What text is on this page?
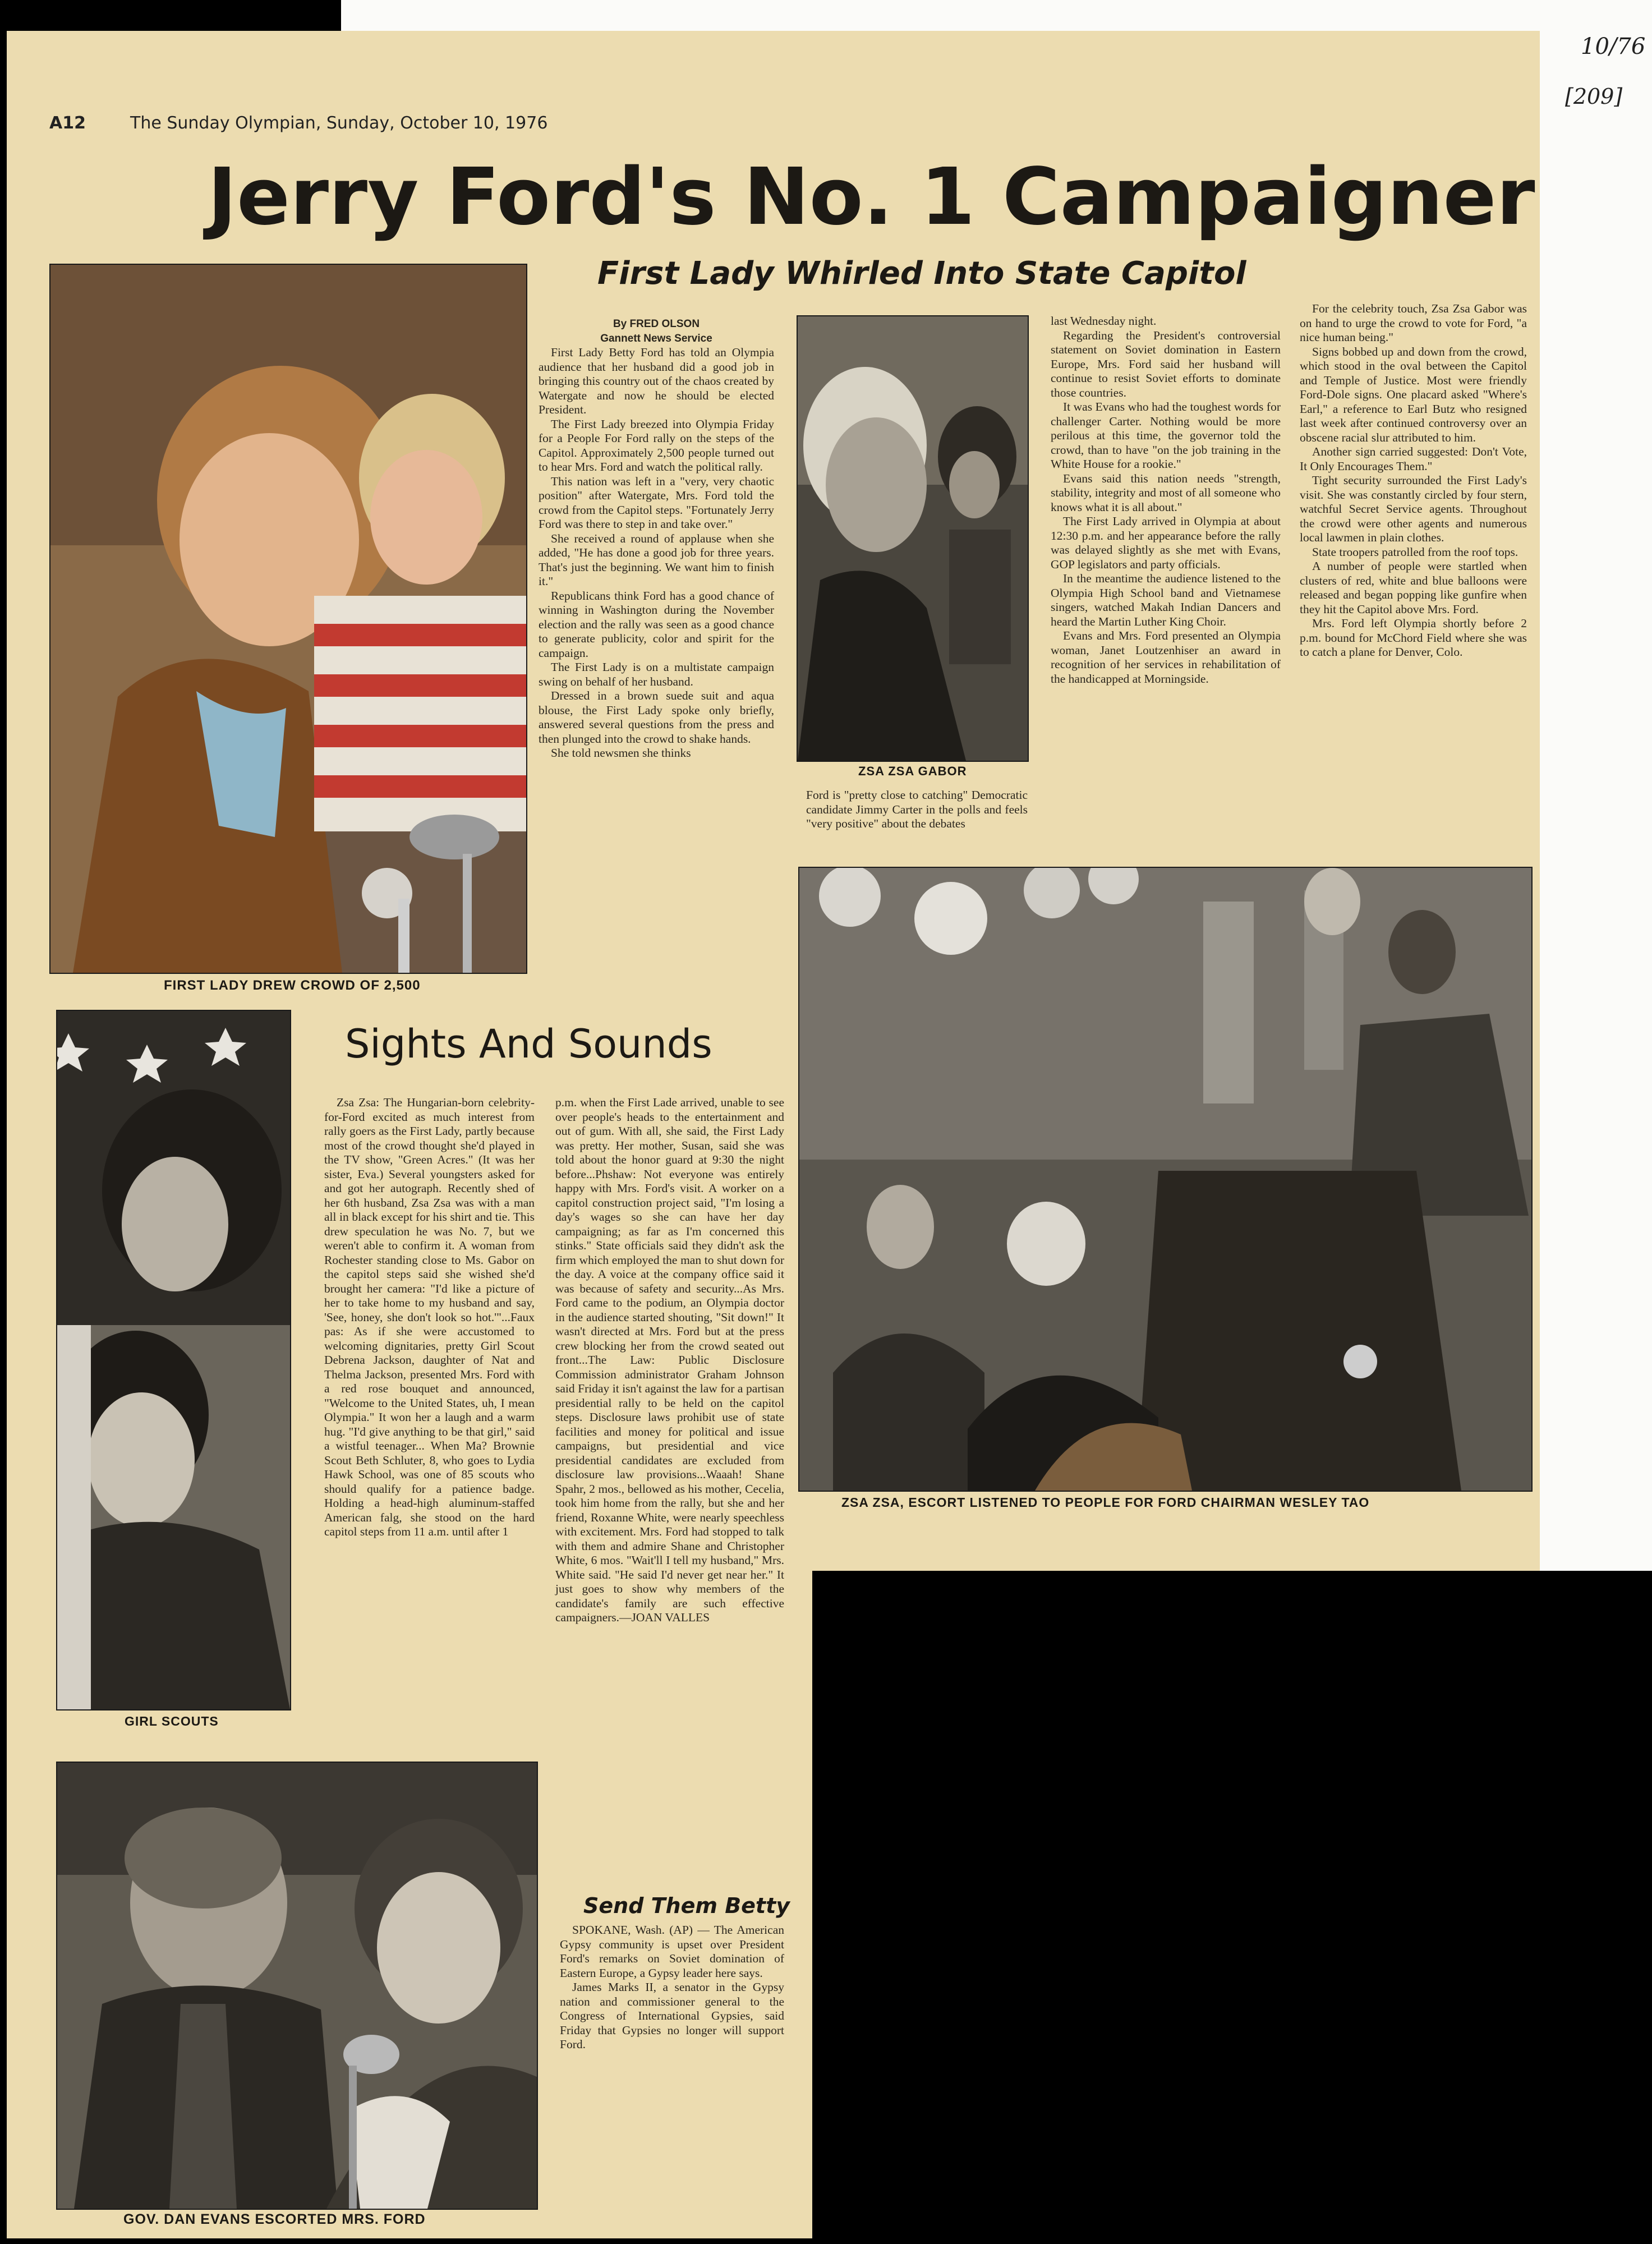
10/76
[209]
A12	The Sunday Olympian, Sunday, October 10, 1976
Jerry Ford's No. 1 Campaigner
First Lady Whirled Into State Capitol
FIRST LADY DREW CROWD OF 2,500

By FRED OLSON

Gannett News Service

First Lady Betty Ford has told an Olympia audience that her husband did a good job in bringing this country out of the chaos created by Watergate and now he should be elected President.

The First Lady breezed into Olympia Friday for a People For Ford rally on the steps of the Capitol. Approximately 2,500 people turned out to hear Mrs. Ford and watch the political rally.

This nation was left in a "very, very chaotic position" after Watergate, Mrs. Ford told the crowd from the Capitol steps. "Fortunately Jerry Ford was there to step in and take over."

She received a round of applause when she added, "He has done a good job for three years. That's just the beginning. We want him to finish it."

Republicans think Ford has a good chance of winning in Washington during the November election and the rally was seen as a good chance to generate publicity, color and spirit for the campaign.

The First Lady is on a multistate campaign swing on behalf of her husband.

Dressed in a brown suede suit and aqua blouse, the First Lady spoke only briefly, answered several questions from the press and then plunged into the crowd to shake hands.

She told newsmen she thinks

ZSA ZSA GABOR

Ford is "pretty close to catching" Democratic candidate Jimmy Carter in the polls and feels "very positive" about the debates

last Wednesday night.

Regarding the President's controversial statement on Soviet domination in Eastern Europe, Mrs. Ford said her husband will continue to resist Soviet efforts to dominate those countries.

It was Evans who had the toughest words for challenger Carter. Nothing would be more perilous at this time, the governor told the crowd, than to have "on the job training in the White House for a rookie."

Evans said this nation needs "strength, stability, integrity and most of all someone who knows what it is all about."

The First Lady arrived in Olympia at about 12:30 p.m. and her appearance before the rally was delayed slightly as she met with Evans, GOP legislators and party officials.

In the meantime the audience listened to the Olympia High School band and Vietnamese singers, watched Makah Indian Dancers and heard the Martin Luther King Choir.

Evans and Mrs. Ford presented an Olympia woman, Janet Loutzenhiser an award in recognition of her services in rehabilitation of the handicapped at Morningside.

For the celebrity touch, Zsa Zsa Gabor was on hand to urge the crowd to vote for Ford, "a nice human being."

Signs bobbed up and down from the crowd, which stood in the oval between the Capitol and Temple of Justice. Most were friendly Ford-Dole signs. One placard asked "Where's Earl," a reference to Earl Butz who resigned last week after continued controversy over an obscene racial slur attributed to him.

Another sign carried suggested: Don't Vote, It Only Encourages Them."

Tight security surrounded the First Lady's visit. She was constantly circled by four stern, watchful Secret Service agents. Throughout the crowd were other agents and numerous local lawmen in plain clothes.

State troopers patrolled from the roof tops.

A number of people were startled when clusters of red, white and blue balloons were released and began popping like gunfire when they hit the Capitol above Mrs. Ford.

Mrs. Ford left Olympia shortly before 2 p.m. bound for McChord Field where she was to catch a plane for Denver, Colo.

ZSA ZSA, ESCORT LISTENED TO PEOPLE FOR FORD CHAIRMAN WESLEY TAO
GIRL SCOUTS
Sights And Sounds

Zsa Zsa: The Hungarian-born celebrity-for-Ford excited as much interest from rally goers as the First Lady, partly because most of the crowd thought she'd played in the TV show, "Green Acres." (It was her sister, Eva.) Several youngsters asked for and got her autograph. Recently shed of her 6th husband, Zsa Zsa was with a man all in black except for his shirt and tie. This drew speculation he was No. 7, but we weren't able to confirm it. A woman from Rochester standing close to Ms. Gabor on the capitol steps said she wished she'd brought her camera: "I'd like a picture of her to take home to my husband and say, 'See, honey, she don't look so hot.'"...Faux pas: As if she were accustomed to welcoming dignitaries, pretty Girl Scout Debrena Jackson, daughter of Nat and Thelma Jackson, presented Mrs. Ford with a red rose bouquet and announced, "Welcome to the United States, uh, I mean Olympia." It won her a laugh and a warm hug. "I'd give anything to be that girl," said a wistful teenager... When Ma? Brownie Scout Beth Schluter, 8, who goes to Lydia Hawk School, was one of 85 scouts who should qualify for a patience badge. Holding a head-high aluminum-staffed American falg, she stood on the hard capitol steps from 11 a.m. until after 1

p.m. when the First Lade arrived, unable to see over people's heads to the entertainment and out of gum. With all, she said, the First Lady was pretty. Her mother, Susan, said she was told about the honor guard at 9:30 the night before...Phshaw: Not everyone was entirely happy with Mrs. Ford's visit. A worker on a capitol construction project said, "I'm losing a day's wages so she can have her day campaigning; as far as I'm concerned this stinks." State officials said they didn't ask the firm which employed the man to shut down for the day. A voice at the company office said it was because of safety and security...As Mrs. Ford came to the podium, an Olympia doctor in the audience started shouting, "Sit down!" It wasn't directed at Mrs. Ford but at the press crew blocking her from the crowd seated out front...The Law: Public Disclosure Commission administrator Graham Johnson said Friday it isn't against the law for a partisan presidential rally to be held on the capitol steps. Disclosure laws prohibit use of state facilities and money for political and issue campaigns, but presidential and vice presidential candidates are excluded from disclosure law provisions...Waaah! Shane Spahr, 2 mos., bellowed as his mother, Cecelia, took him home from the rally, but she and her friend, Roxanne White, were nearly speechless with excitement. Mrs. Ford had stopped to talk with them and admire Shane and Christopher White, 6 mos. "Wait'll I tell my husband," Mrs. White said. "He said I'd never get near her." It just goes to show why members of the candidate's family are such effective campaigners.—JOAN VALLES

Send Them Betty

SPOKANE, Wash. (AP) — The American Gypsy community is upset over President Ford's remarks on Soviet domination of Eastern Europe, a Gypsy leader here says.

James Marks II, a senator in the Gypsy nation and commissioner general to the Congress of International Gypsies, said Friday that Gypsies no longer will support Ford.

GOV. DAN EVANS ESCORTED MRS. FORD
